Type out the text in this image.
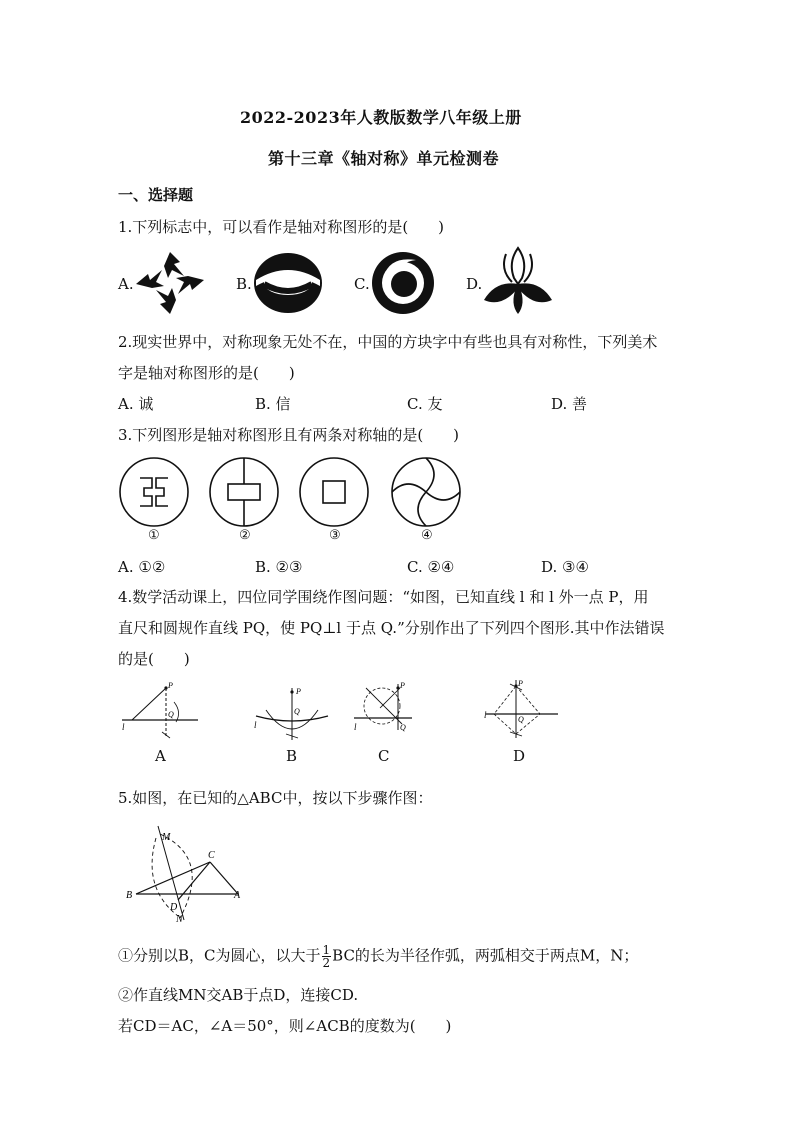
2022-2023年人教版数学八年级上册
第十三章《轴对称》单元检测卷
一、选择题
1.下列标志中，可以看作是轴对称图形的是(　　)
A.	B.	C.	D.
2.现实世界中，对称现象无处不在，中国的方块字中有些也具有对称性，下列美术
字是轴对称图形的是(　　)
A. 诚	B. 信	C. 友	D. 善
3.下列图形是轴对称图形且有两条对称轴的是(　　)
①	②	③	④
A. ①②	B. ②③	C. ②④	D. ③④
4.数学活动课上，四位同学围绕作图问题：“如图，已知直线 l 和 l 外一点 P，用
直尺和圆规作直线 PQ，使 PQ⊥l 于点 Q.”分别作出了下列四个图形.其中作法错误
的是(　　)
l
P
Q
l
P
Q
l
P
Q
l
P
Q
A	B	C	D
5.如图，在已知的△ABC中，按以下步骤作图：
M
C
B	A
D
N
①分别以B，C为圆心，以大于 $\frac{1}{2}$ BC的长为半径作弧，两弧相交于两点M，N；
②作直线MN交AB于点D，连接CD.
若CD＝AC，∠A＝50°，则∠ACB的度数为(　　)
